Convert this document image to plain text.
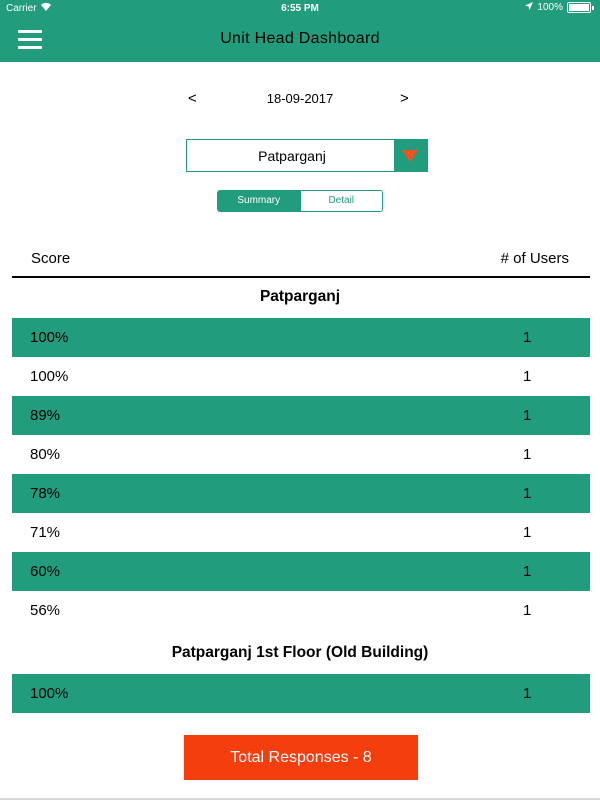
Carrier	6:55 PM	100%
Unit Head Dashboard
<	18-09-2017	>
Patparganj
Summary	Detail
Score	# of Users
Patparganj
100%	1
100%	1
89%	1
80%	1
78%	1
71%	1
60%	1
56%	1
Patparganj 1st Floor (Old Building)
100%	1
Total Responses - 8
